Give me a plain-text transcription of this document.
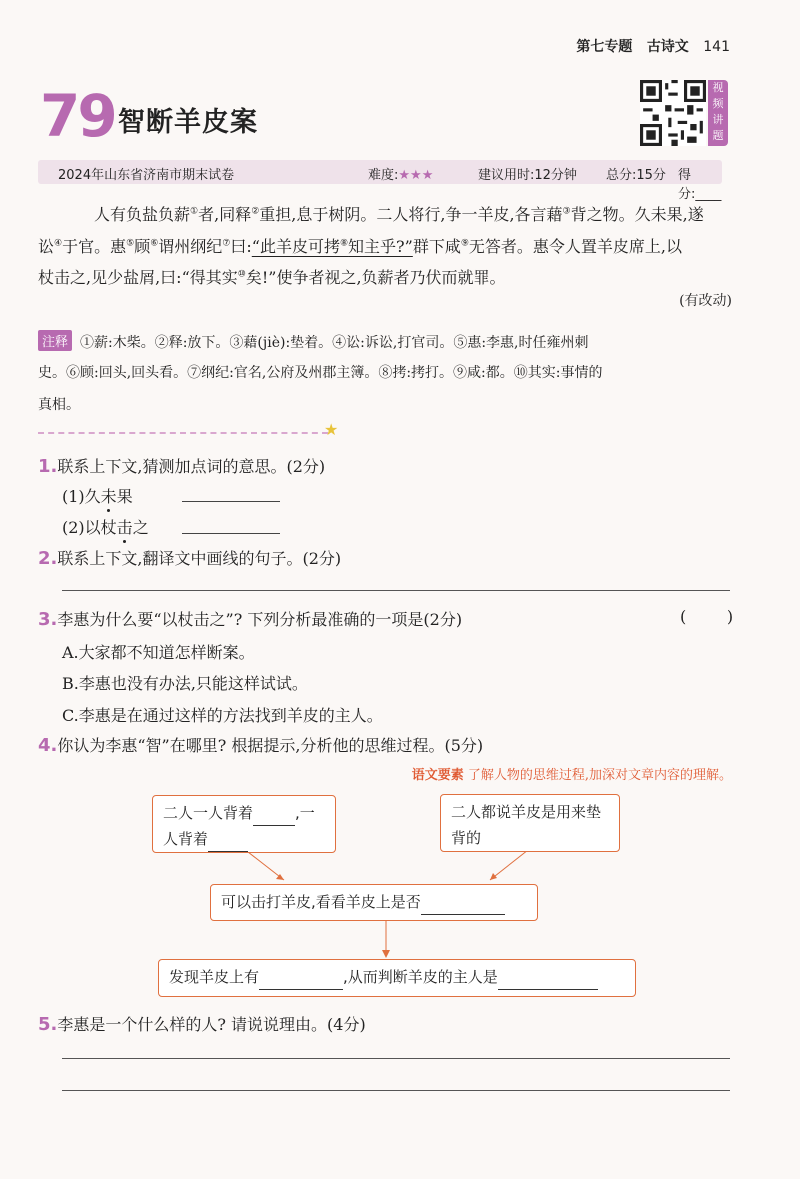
第七专题 古诗文 141
79 智断羊皮案
视频讲题
2024年山东省济南市期末试卷	难度:★★★	建议用时:12分钟 总分:15分 得分:____
　　人有负盐负薪①者,同释②重担,息于树阴。二人将行,争一羊皮,各言藉③背之物。久未果,遂
讼④于官。惠⑤顾⑥谓州纲纪⑦曰:“此羊皮可拷⑧知主乎?”群下咸⑨无答者。惠令人置羊皮席上,以
杖击之,见少盐屑,曰:“得其实⑩矣!”使争者视之,负薪者乃伏而就罪。
(有改动)
注释 ①薪:木柴。②释:放下。③藉(jiè):垫着。④讼:诉讼,打官司。⑤惠:李惠,时任雍州刺
史。⑥顾:回头,回头看。⑦纲纪:官名,公府及州郡主簿。⑧拷:拷打。⑨咸:都。⑩其实:事情的
真相。
★
1.联系上下文,猜测加点词的意思。(2分)
(1)久未果
(2)以杖击之
2.联系上下文,翻译文中画线的句子。(2分)
3.李惠为什么要“以杖击之”? 下列分析最准确的一项是(2分)	(        )
A.大家都不知道怎样断案。
B.李惠也没有办法,只能这样试试。
C.李惠是在通过这样的方法找到羊皮的主人。
4.你认为李惠“智”在哪里? 根据提示,分析他的思维过程。(5分)
语文要素 了解人物的思维过程,加深对文章内容的理解。
二人一人背着	,一
人背着
二人都说羊皮是用来垫背的
可以击打羊皮,看看羊皮上是否
发现羊皮上有	,从而判断羊皮的主人是
5.李惠是一个什么样的人? 请说说理由。(4分)
